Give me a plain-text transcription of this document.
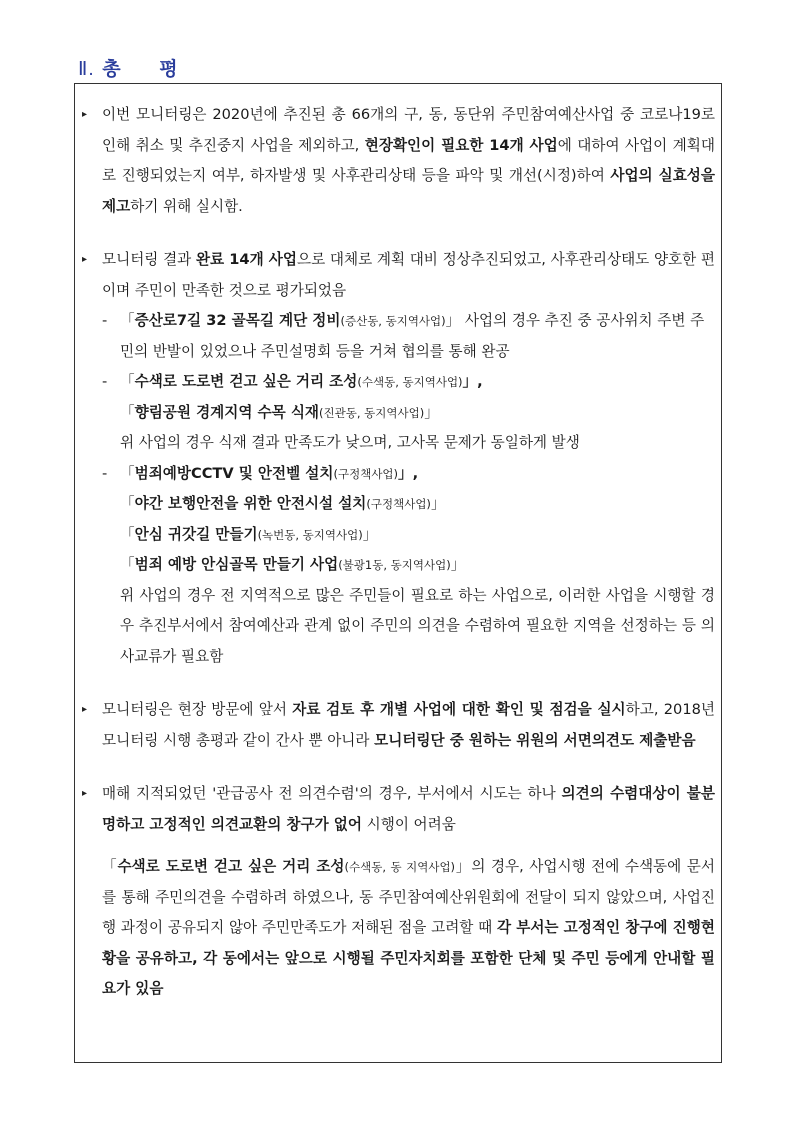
Ⅱ. 총 평
▸ 이번 모니터링은 2020년에 추진된 총 66개의 구, 동, 동단위 주민참여예산사업 중 코로나19로 인해 취소 및 추진중지 사업을 제외하고, 현장확인이 필요한 14개 사업에 대하여 사업이 계획대로 진행되었는지 여부, 하자발생 및 사후관리상태 등을 파악 및 개선(시정)하여 사업의 실효성을 제고하기 위해 실시함.
▸ 모니터링 결과 완료 14개 사업으로 대체로 계획 대비 정상추진되었고, 사후관리상태도 양호한 편이며 주민이 만족한 것으로 평가되었음
- 「증산로7길 32 골목길 계단 정비(증산동, 동지역사업)」 사업의 경우 추진 중 공사위치 주변 주민의 반발이 있었으나 주민설명회 등을 거쳐 협의를 통해 완공
- 「수색로 도로변 걷고 싶은 거리 조성(수색동, 동지역사업)」,
「향림공원 경계지역 수목 식재(진관동, 동지역사업)」
위 사업의 경우 식재 결과 만족도가 낮으며, 고사목 문제가 동일하게 발생
- 「범죄예방CCTV 및 안전벨 설치(구정책사업)」,
「야간 보행안전을 위한 안전시설 설치(구정책사업)」
「안심 귀갓길 만들기(녹번동, 동지역사업)」
「범죄 예방 안심골목 만들기 사업(불광1동, 동지역사업)」
위 사업의 경우 전 지역적으로 많은 주민들이 필요로 하는 사업으로, 이러한 사업을 시행할 경우 추진부서에서 참여예산과 관계 없이 주민의 의견을 수렴하여 필요한 지역을 선정하는 등 의사교류가 필요함
▸ 모니터링은 현장 방문에 앞서 자료 검토 후 개별 사업에 대한 확인 및 점검을 실시하고, 2018년 모니터링 시행 총평과 같이 간사 뿐 아니라 모니터링단 중 원하는 위원의 서면의견도 제출받음
▸ 매해 지적되었던 '관급공사 전 의견수렴'의 경우, 부서에서 시도는 하나 의견의 수렴대상이 불분명하고 고정적인 의견교환의 창구가 없어 시행이 어려움
「수색로 도로변 걷고 싶은 거리 조성(수색동, 동 지역사업)」의 경우, 사업시행 전에 수색동에 문서를 통해 주민의견을 수렴하려 하였으나, 동 주민참여예산위원회에 전달이 되지 않았으며, 사업진행 과정이 공유되지 않아 주민만족도가 저해된 점을 고려할 때 각 부서는 고정적인 창구에 진행현황을 공유하고, 각 동에서는 앞으로 시행될 주민자치회를 포함한 단체 및 주민 등에게 안내할 필요가 있음
